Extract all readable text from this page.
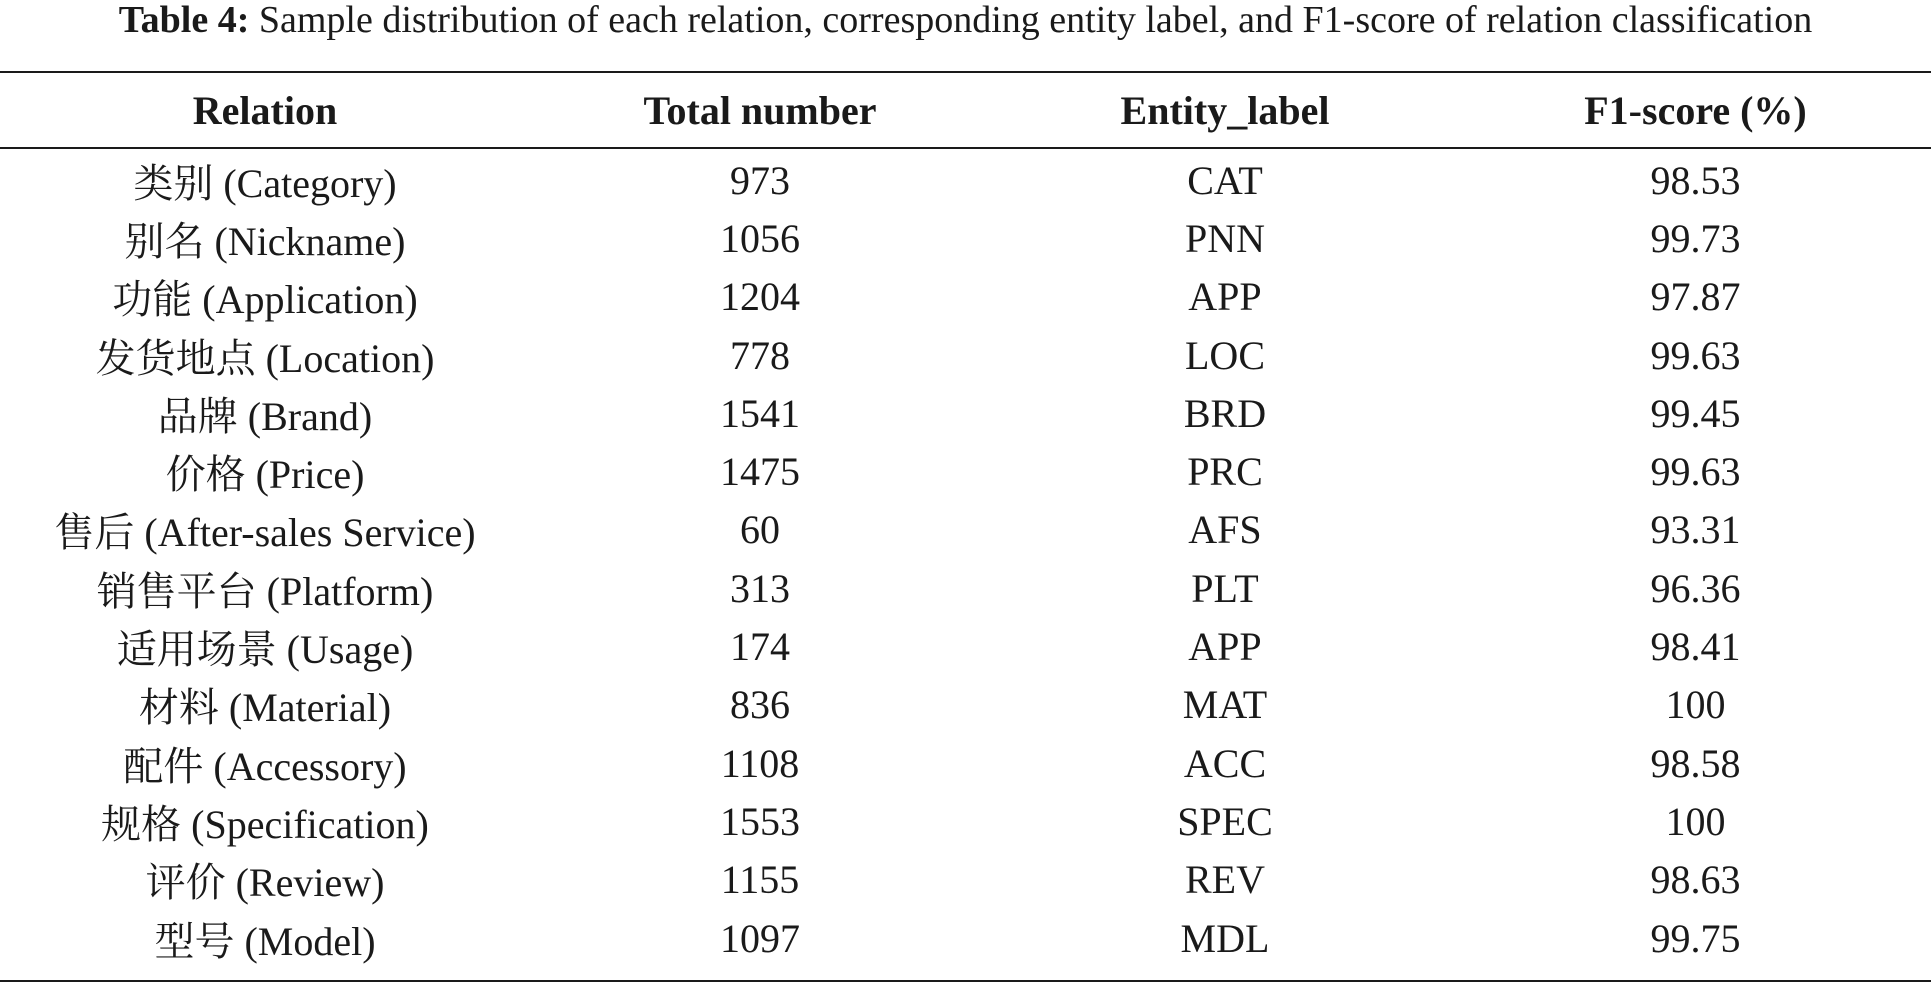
Table 4: Sample distribution of each relation, corresponding entity label, and F1-score of relation classification
Relation	Total number	Entity_label	F1-score (%)
类别 (Category)	973	CAT	98.53
别名 (Nickname)	1056	PNN	99.73
功能 (Application)	1204	APP	97.87
发货地点 (Location)	778	LOC	99.63
品牌 (Brand)	1541	BRD	99.45
价格 (Price)	1475	PRC	99.63
售后 (After-sales Service)	60	AFS	93.31
销售平台 (Platform)	313	PLT	96.36
适用场景 (Usage)	174	APP	98.41
材料 (Material)	836	MAT	100
配件 (Accessory)	1108	ACC	98.58
规格 (Specification)	1553	SPEC	100
评价 (Review)	1155	REV	98.63
型号 (Model)	1097	MDL	99.75
